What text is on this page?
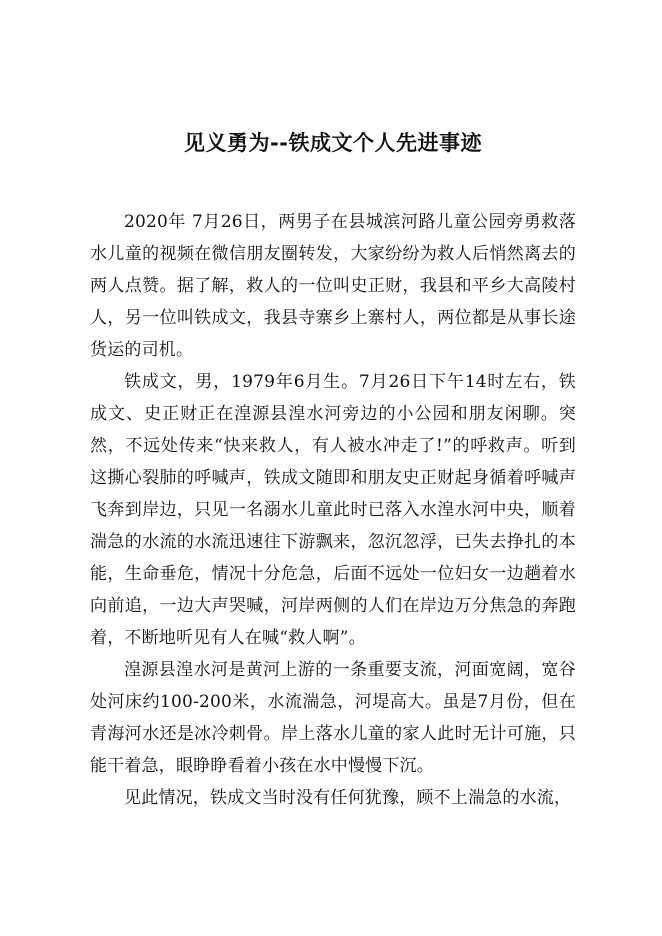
见义勇为--铁成文个人先进事迹

2020年 7月26日，两男子在县城滨河路儿童公园旁勇救落水儿童的视频在微信朋友圈转发，大家纷纷为救人后悄然离去的两人点赞。据了解，救人的一位叫史正财，我县和平乡大高陵村人，另一位叫铁成文，我县寺寨乡上寨村人，两位都是从事长途货运的司机。

铁成文，男，1979年6月生。7月26日下午14时左右，铁成文、史正财正在湟源县湟水河旁边的小公园和朋友闲聊。突然，不远处传来“快来救人，有人被水冲走了!”的呼救声。听到这撕心裂肺的呼喊声，铁成文随即和朋友史正财起身循着呼喊声飞奔到岸边，只见一名溺水儿童此时已落入水湟水河中央，顺着湍急的水流的水流迅速往下游飘来，忽沉忽浮，已失去挣扎的本能，生命垂危，情况十分危急，后面不远处一位妇女一边趟着水向前追，一边大声哭喊，河岸两侧的人们在岸边万分焦急的奔跑着，不断地听见有人在喊“救人啊”。

湟源县湟水河是黄河上游的一条重要支流，河面宽阔，宽谷处河床约100-200米，水流湍急，河堤高大。虽是7月份，但在青海河水还是冰冷刺骨。岸上落水儿童的家人此时无计可施，只能干着急，眼睁睁看着小孩在水中慢慢下沉。

见此情况，铁成文当时没有任何犹豫，顾不上湍急的水流，
